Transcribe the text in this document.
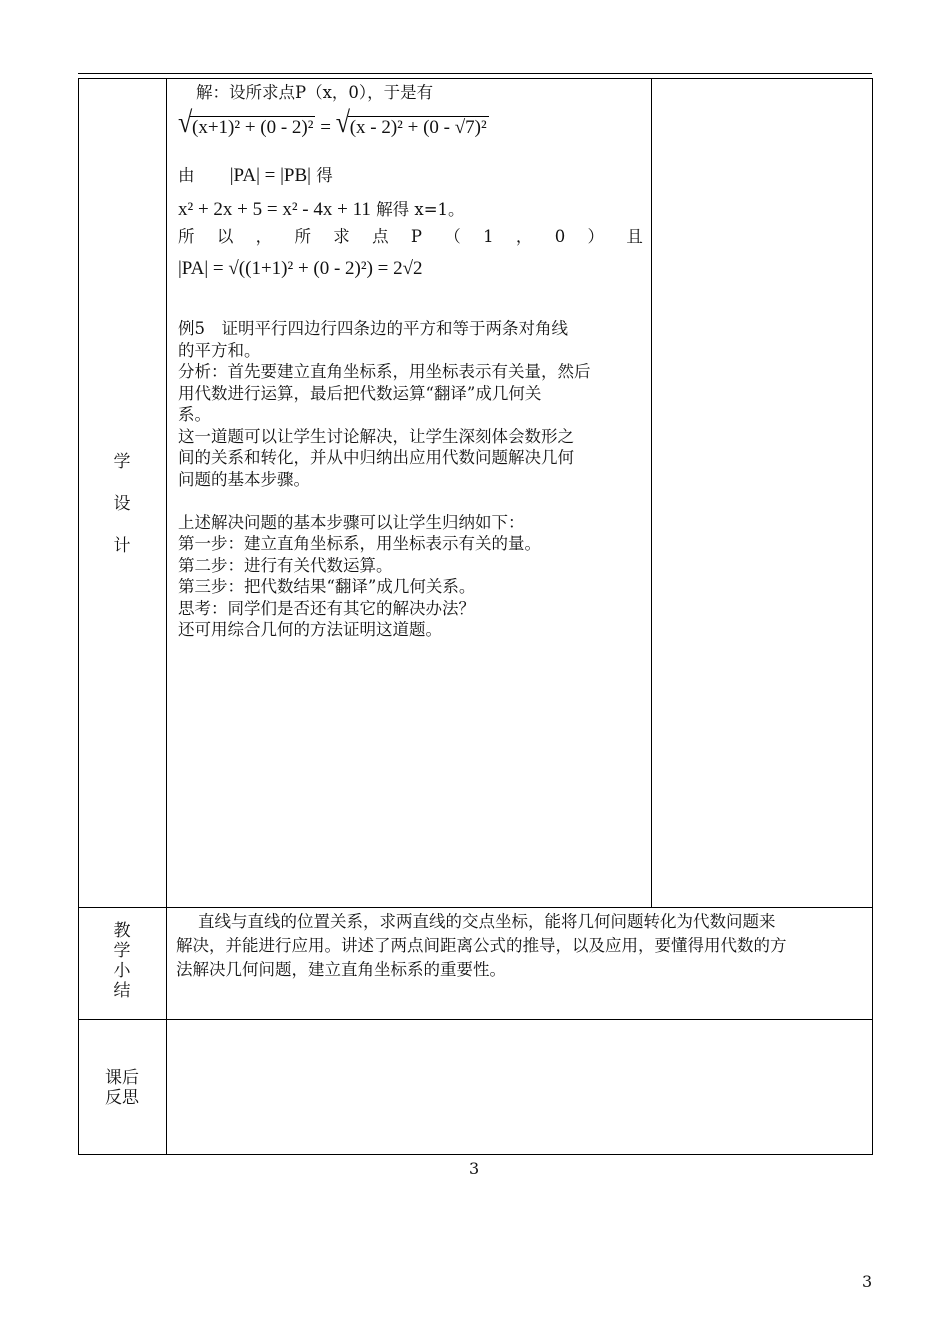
学
设
计
教
学
小
结
课后
反思
解：设所求点P（x，0），于是有
√ (x+1)² + (0 - 2)² = √ (x - 2)² + (0 - √7)²
由 |PA| = |PB| 得
x² + 2x + 5 = x² - 4x + 11 解得 x=1。
所 以 ， 所 求 点 P （ 1 ， 0 ） 且
|PA| = √((1+1)² + (0 - 2)²) = 2√2
例5　证明平行四边行四条边的平方和等于两条对角线
的平方和。
分析：首先要建立直角坐标系，用坐标表示有关量，然后
用代数进行运算，最后把代数运算“翻译”成几何关
系。
这一道题可以让学生讨论解决，让学生深刻体会数形之
间的关系和转化，并从中归纳出应用代数问题解决几何
问题的基本步骤。
上述解决问题的基本步骤可以让学生归纳如下：
第一步：建立直角坐标系，用坐标表示有关的量。
第二步：进行有关代数运算。
第三步：把代数结果“翻译”成几何关系。
思考：同学们是否还有其它的解决办法？
还可用综合几何的方法证明这道题。
直线与直线的位置关系，求两直线的交点坐标，能将几何问题转化为代数问题来
解决，并能进行应用。讲述了两点间距离公式的推导，以及应用，要懂得用代数的方
法解决几何问题，建立直角坐标系的重要性。
3
3
